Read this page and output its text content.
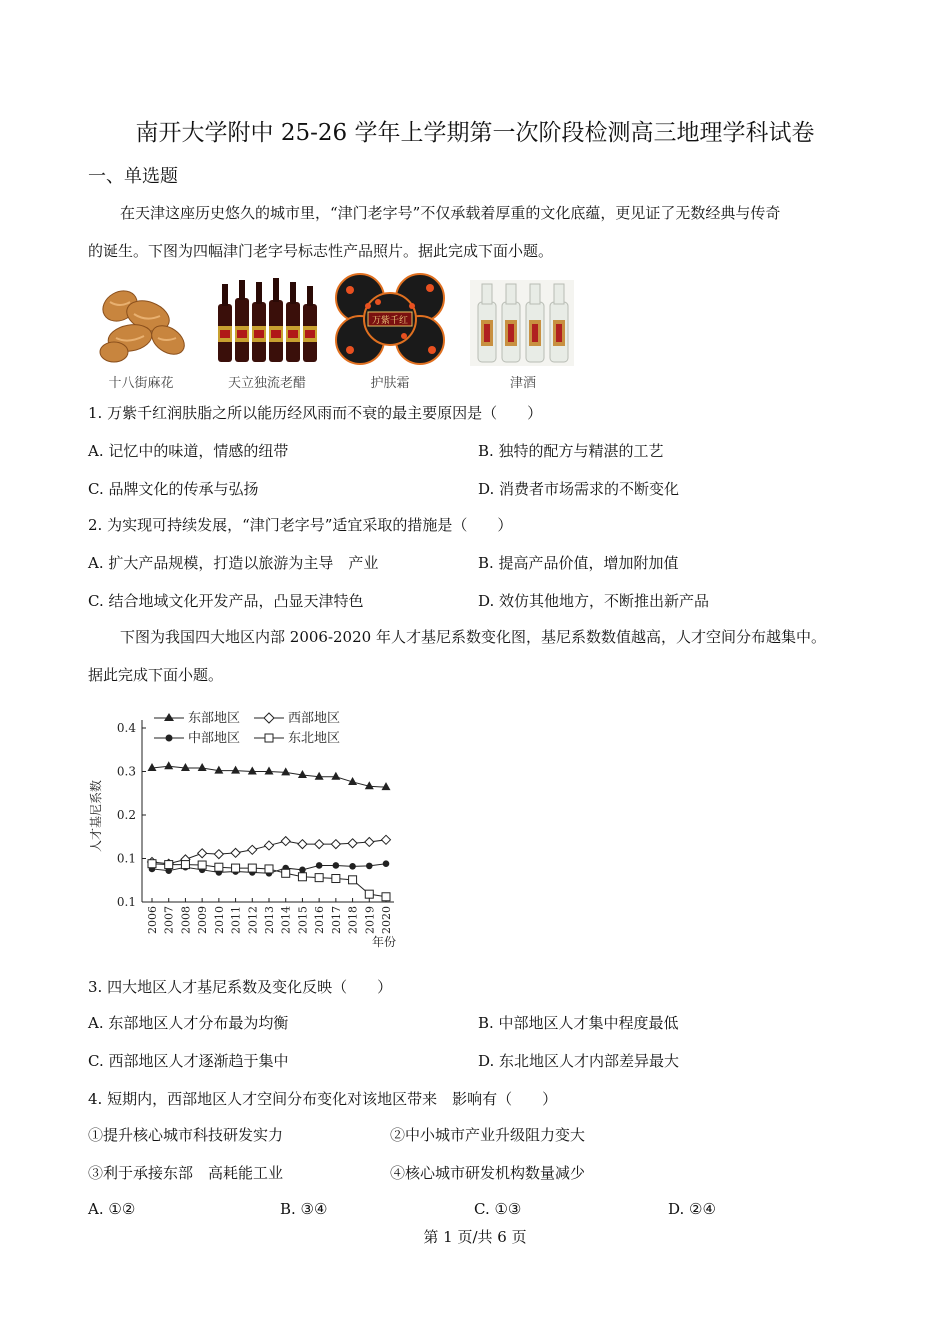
南开大学附中 25-26 学年上学期第一次阶段检测高三地理学科试卷
一、单选题
在天津这座历史悠久的城市里，“津门老字号”不仅承载着厚重的文化底蕴，更见证了无数经典与传奇
的诞生。下图为四幅津门老字号标志性产品照片。据此完成下面小题。
万紫千红
十八街麻花	天立独流老醋	护肤霜	津酒
1. 万紫千红润肤脂之所以能历经风雨而不衰的最主要原因是（　　）
A. 记忆中的味道，情感的纽带	B. 独特的配方与精湛的工艺
C. 品牌文化的传承与弘扬	D. 消费者市场需求的不断变化
2. 为实现可持续发展，“津门老字号”适宜采取的措施是（　　）
A. 扩大产品规模，打造以旅游为主导　产业	B. 提高产品价值，增加附加值
C. 结合地域文化开发产品，凸显天津特色	D. 效仿其他地方，不断推出新产品
下图为我国四大地区内部 2006-2020 年人才基尼系数变化图，基尼系数数值越高，人才空间分布越集中。
据此完成下面小题。
0.4
0.3
0.2
0.1
0.1
2006 2007 2008 2009 2010 2011 2012 2013 2014 2015 2016 2017 2018 2019 2020
人才基尼系数
年份
东部地区	西部地区
中部地区	东北地区
3. 四大地区人才基尼系数及变化反映（　　）
A. 东部地区人才分布最为均衡	B. 中部地区人才集中程度最低
C. 西部地区人才逐渐趋于集中	D. 东北地区人才内部差异最大
4. 短期内，西部地区人才空间分布变化对该地区带来　影响有（　　）
①提升核心城市科技研发实力	②中小城市产业升级阻力变大
③利于承接东部　高耗能工业	④核心城市研发机构数量减少
A. ①②	B. ③④	C. ①③	D. ②④
第 1 页/共 6 页
